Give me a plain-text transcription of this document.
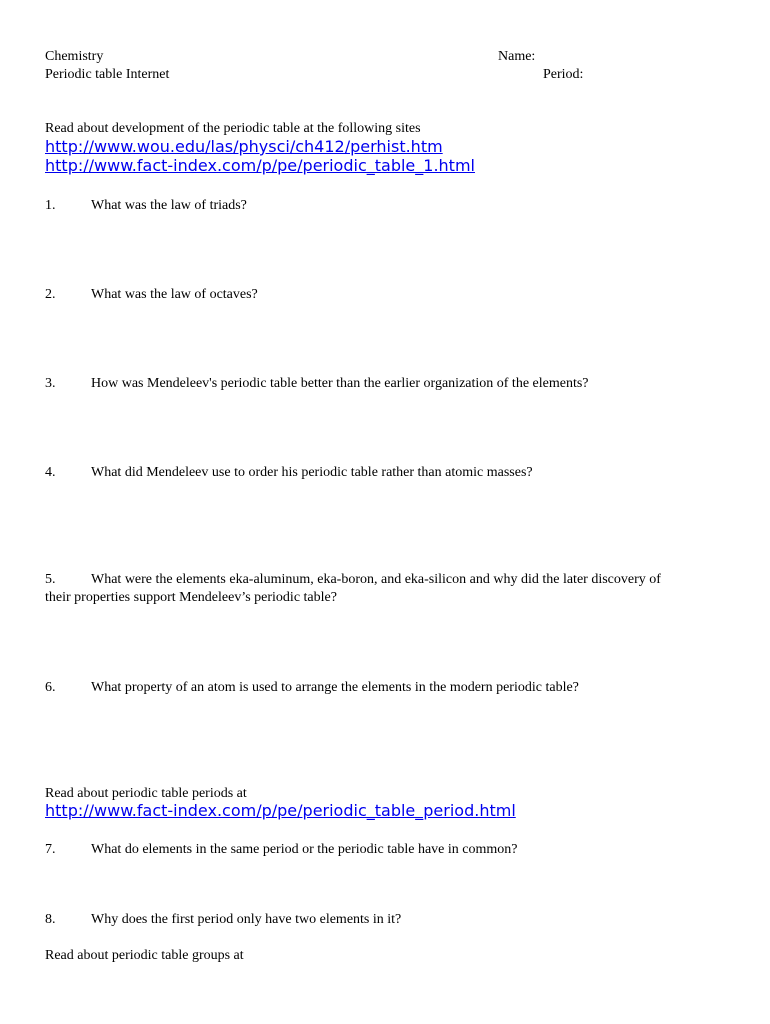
Chemistry
Periodic table Internet
Name:
Period:
Read about development of the periodic table at the following sites
http://www.wou.edu/las/physci/ch412/perhist.htm
http://www.fact-index.com/p/pe/periodic_table_1.html
1.	What was the law of triads?
2.	What was the law of octaves?
3.	How was Mendeleev's periodic table better than the earlier organization of the elements?
4.	What did Mendeleev use to order his periodic table rather than atomic masses?
5.	What were the elements eka-aluminum, eka-boron, and eka-silicon and why did the later discovery of
their properties support Mendeleev’s periodic table?
6.	What property of an atom is used to arrange the elements in the modern periodic table?
Read about periodic table periods at
http://www.fact-index.com/p/pe/periodic_table_period.html
7.	What do elements in the same period or the periodic table have in common?
8.	Why does the first period only have two elements in it?
Read about periodic table groups at
